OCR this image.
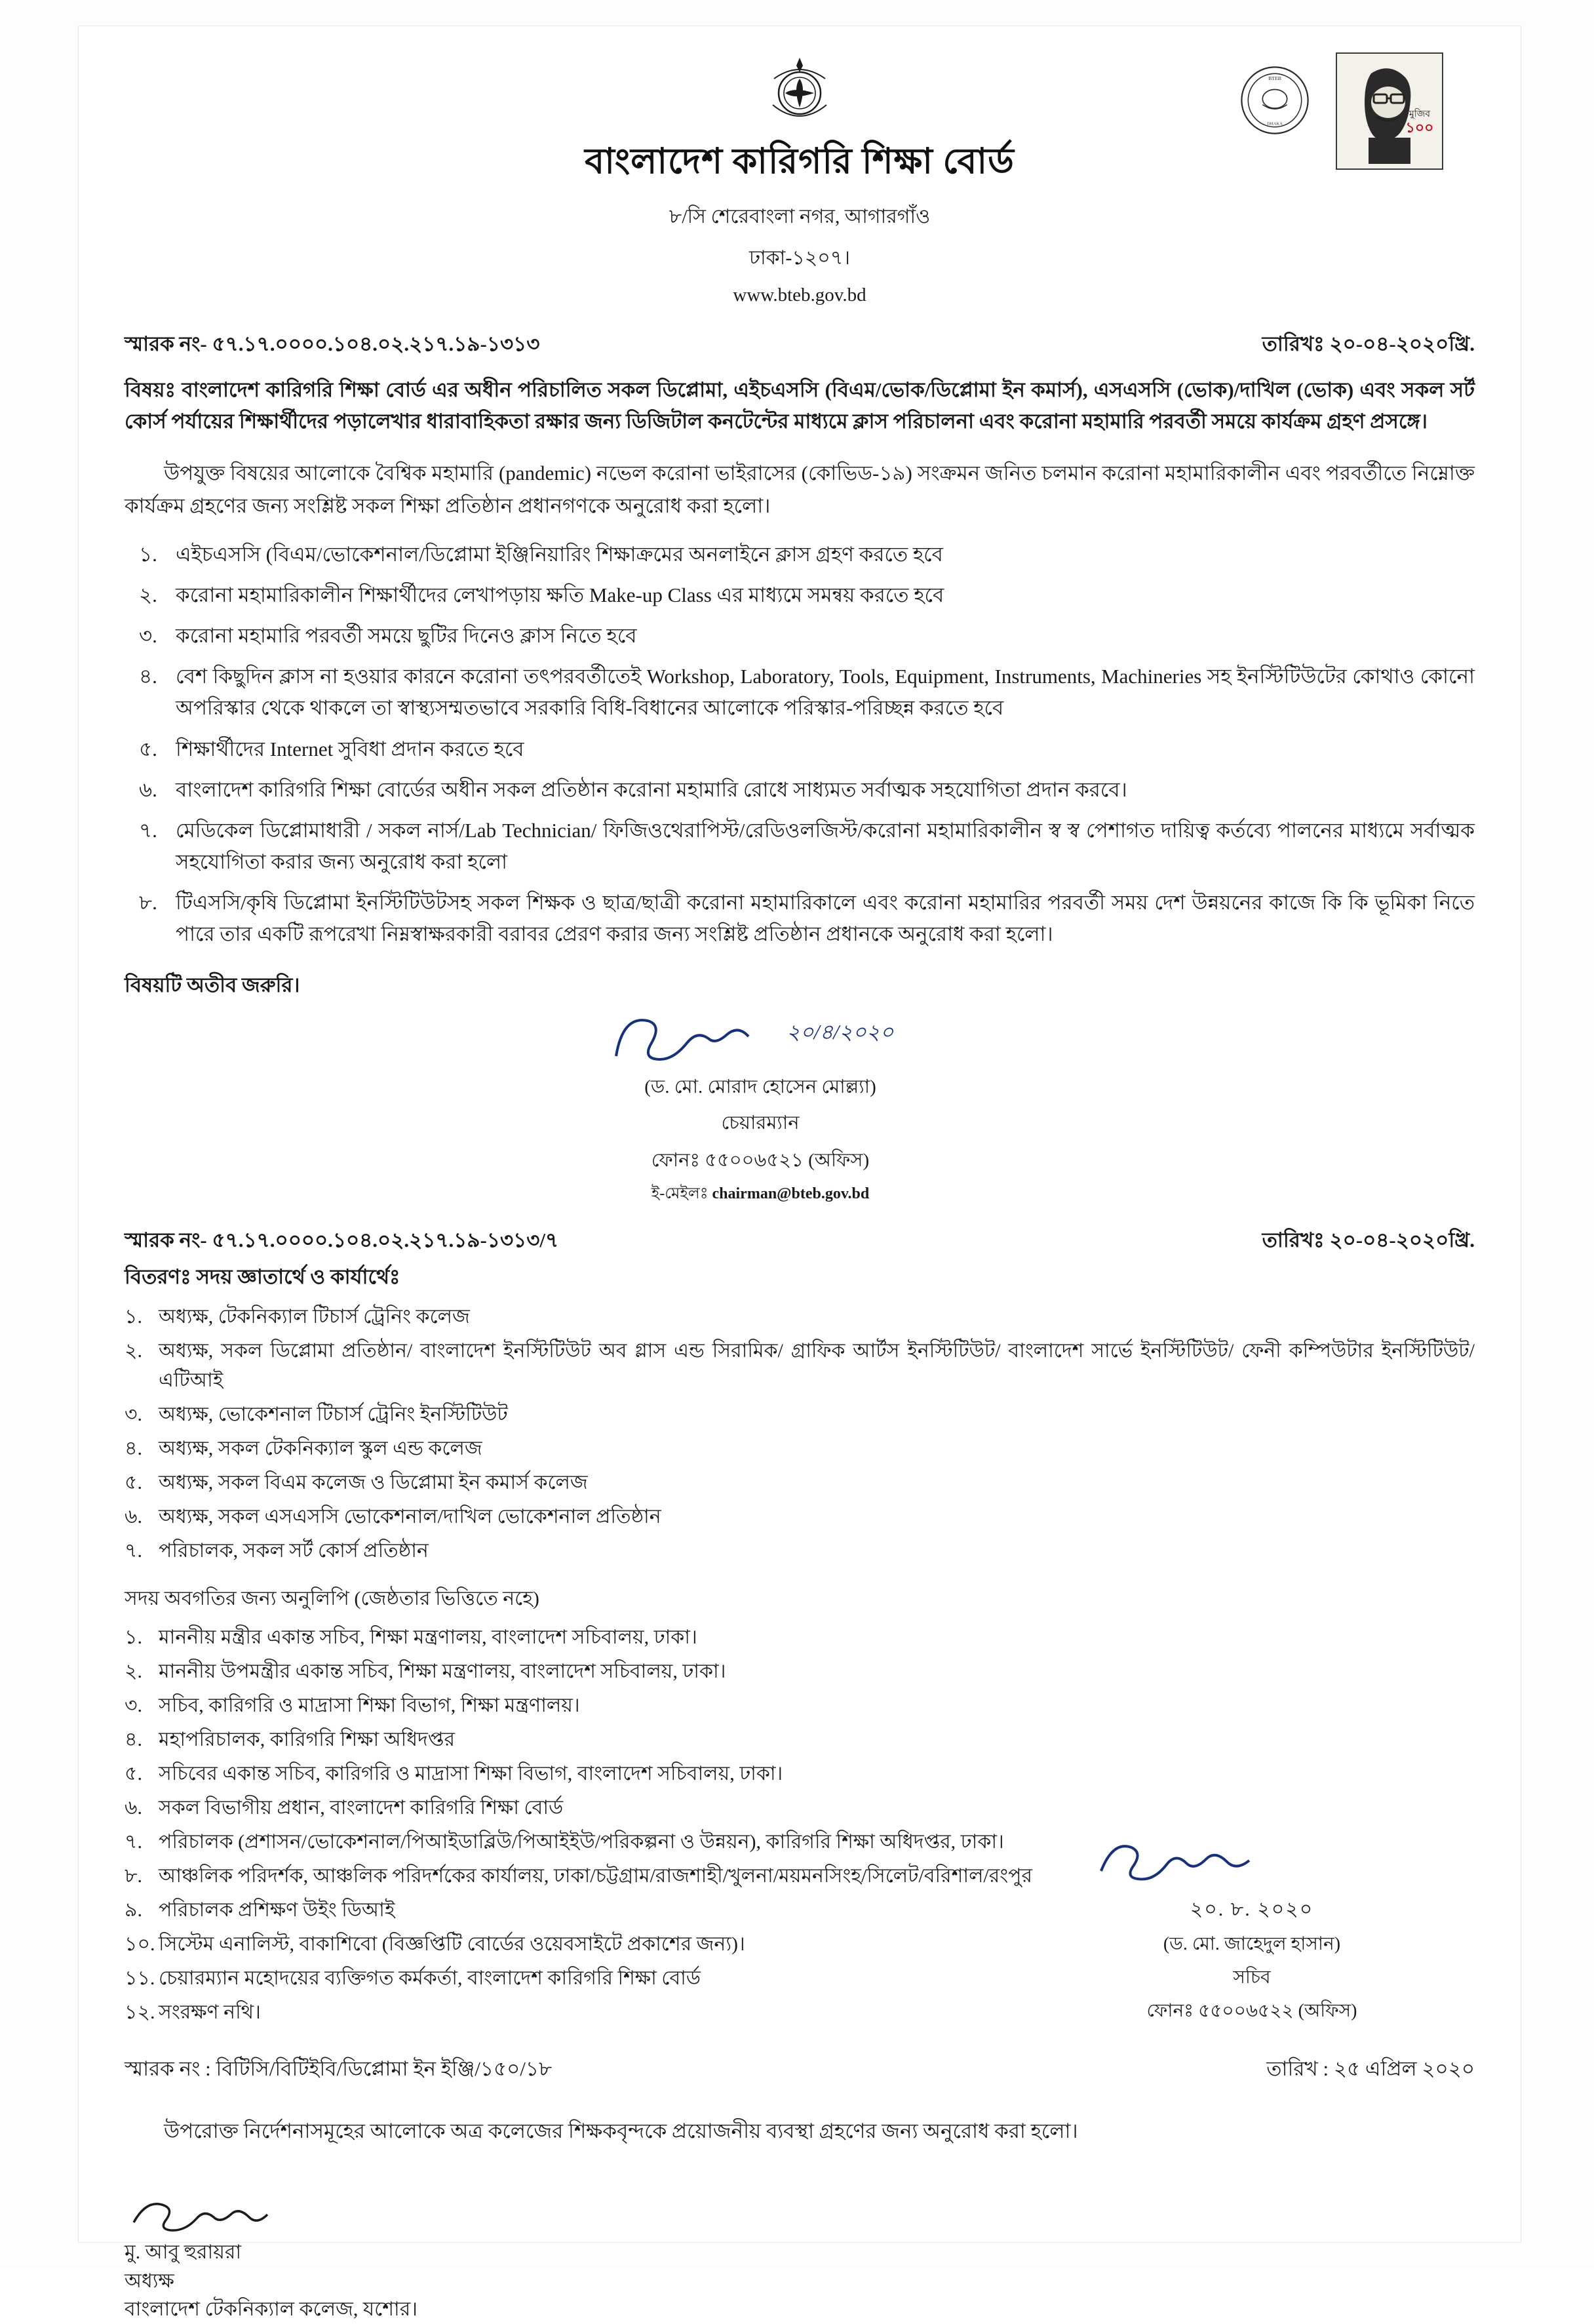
BTEB
DHAKA	১০০
মুজিব
বাংলাদেশ কারিগরি শিক্ষা বোর্ড
৮/সি শেরেবাংলা নগর, আগারগাঁও
ঢাকা-১২০৭।
www.bteb.gov.bd
স্মারক নং- ৫৭.১৭.০০০০.১০৪.০২.২১৭.১৯-১৩১৩	তারিখঃ ২০-০৪-২০২০খ্রি.
বিষয়ঃ বাংলাদেশ কারিগরি শিক্ষা বোর্ড এর অধীন পরিচালিত সকল ডিপ্লোমা, এইচএসসি (বিএম/ভোক/ডিপ্লোমা ইন কমার্স), এসএসসি (ভোক)/দাখিল (ভোক) এবং সকল সর্ট কোর্স পর্যায়ের শিক্ষার্থীদের পড়ালেখার ধারাবাহিকতা রক্ষার জন্য ডিজিটাল কনটেন্টের মাধ্যমে ক্লাস পরিচালনা এবং করোনা মহামারি পরবর্তী সময়ে কার্যক্রম গ্রহণ প্রসঙ্গে।
উপযুক্ত বিষয়ের আলোকে বৈশ্বিক মহামারি (pandemic) নভেল করোনা ভাইরাসের (কোভিড-১৯) সংক্রমন জনিত চলমান করোনা মহামারিকালীন এবং পরবর্তীতে নিম্নোক্ত কার্যক্রম গ্রহণের জন্য সংশ্লিষ্ট সকল শিক্ষা প্রতিষ্ঠান প্রধানগণকে অনুরোধ করা হলো।
১. এইচএসসি (বিএম/ভোকেশনাল/ডিপ্লোমা ইঞ্জিনিয়ারিং শিক্ষাক্রমের অনলাইনে ক্লাস গ্রহণ করতে হবে
২. করোনা মহামারিকালীন শিক্ষার্থীদের লেখাপড়ায় ক্ষতি Make-up Class এর মাধ্যমে সমন্বয় করতে হবে
৩. করোনা মহামারি পরবর্তী সময়ে ছুটির দিনেও ক্লাস নিতে হবে
৪. বেশ কিছুদিন ক্লাস না হওয়ার কারনে করোনা তৎপরবর্তীতেই Workshop, Laboratory, Tools, Equipment, Instruments, Machineries সহ ইনস্টিটিউটের কোথাও কোনো অপরিস্কার থেকে থাকলে তা স্বাস্থ্যসম্মতভাবে সরকারি বিধি-বিধানের আলোকে পরিস্কার-পরিচ্ছন্ন করতে হবে
৫. শিক্ষার্থীদের Internet সুবিধা প্রদান করতে হবে
৬. বাংলাদেশ কারিগরি শিক্ষা বোর্ডের অধীন সকল প্রতিষ্ঠান করোনা মহামারি রোধে সাধ্যমত সর্বাত্মক সহযোগিতা প্রদান করবে।
৭. মেডিকেল ডিপ্লোমাধারী / সকল নার্স/Lab Technician/ ফিজিওথেরাপিস্ট/রেডিওলজিস্ট/করোনা মহামারিকালীন স্ব স্ব পেশাগত দায়িত্ব কর্তব্যে পালনের মাধ্যমে সর্বাত্মক সহযোগিতা করার জন্য অনুরোধ করা হলো
৮. টিএসসি/কৃষি ডিপ্লোমা ইনস্টিটিউটসহ সকল শিক্ষক ও ছাত্র/ছাত্রী করোনা মহামারিকালে এবং করোনা মহামারির পরবর্তী সময় দেশ উন্নয়নের কাজে কি কি ভূমিকা নিতে পারে তার একটি রূপরেখা নিম্নস্বাক্ষরকারী বরাবর প্রেরণ করার জন্য সংশ্লিষ্ট প্রতিষ্ঠান প্রধানকে অনুরোধ করা হলো।
বিষয়টি অতীব জরুরি।
২০/৪/২০২০
(ড. মো. মোরাদ হোসেন মোল্ল্যা)
চেয়ারম্যান
ফোনঃ ৫৫০০৬৫২১ (অফিস)
ই-মেইলঃ chairman@bteb.gov.bd
স্মারক নং- ৫৭.১৭.০০০০.১০৪.০২.২১৭.১৯-১৩১৩/৭	তারিখঃ ২০-০৪-২০২০খ্রি.
বিতরণঃ সদয় জ্ঞাতার্থে ও কার্যার্থেঃ
১. অধ্যক্ষ, টেকনিক্যাল টিচার্স ট্রেনিং কলেজ
২. অধ্যক্ষ, সকল ডিপ্লোমা প্রতিষ্ঠান/ বাংলাদেশ ইনস্টিটিউট অব গ্লাস এন্ড সিরামিক/ গ্রাফিক আর্টস ইনস্টিটিউট/ বাংলাদেশ সার্ভে ইনস্টিটিউট/ ফেনী কম্পিউটার ইনস্টিটিউট/ এটিআই
৩. অধ্যক্ষ, ভোকেশনাল টিচার্স ট্রেনিং ইনস্টিটিউট
৪. অধ্যক্ষ, সকল টেকনিক্যাল স্কুল এন্ড কলেজ
৫. অধ্যক্ষ, সকল বিএম কলেজ ও ডিপ্লোমা ইন কমার্স কলেজ
৬. অধ্যক্ষ, সকল এসএসসি ভোকেশনাল/দাখিল ভোকেশনাল প্রতিষ্ঠান
৭. পরিচালক, সকল সর্ট কোর্স প্রতিষ্ঠান
সদয় অবগতির জন্য অনুলিপি (জেষ্ঠতার ভিত্তিতে নহে)
১. মাননীয় মন্ত্রীর একান্ত সচিব, শিক্ষা মন্ত্রণালয়, বাংলাদেশ সচিবালয়, ঢাকা।
২. মাননীয় উপমন্ত্রীর একান্ত সচিব, শিক্ষা মন্ত্রণালয়, বাংলাদেশ সচিবালয়, ঢাকা।
৩. সচিব, কারিগরি ও মাদ্রাসা শিক্ষা বিভাগ, শিক্ষা মন্ত্রণালয়।
৪. মহাপরিচালক, কারিগরি শিক্ষা অধিদপ্তর
৫. সচিবের একান্ত সচিব, কারিগরি ও মাদ্রাসা শিক্ষা বিভাগ, বাংলাদেশ সচিবালয়, ঢাকা।
৬. সকল বিভাগীয় প্রধান, বাংলাদেশ কারিগরি শিক্ষা বোর্ড
৭. পরিচালক (প্রশাসন/ভোকেশনাল/পিআইডাব্লিউ/পিআইইউ/পরিকল্পনা ও উন্নয়ন), কারিগরি শিক্ষা অধিদপ্তর, ঢাকা।
৮. আঞ্চলিক পরিদর্শক, আঞ্চলিক পরিদর্শকের কার্যালয়, ঢাকা/চট্টগ্রাম/রাজশাহী/খুলনা/ময়মনসিংহ/সিলেট/বরিশাল/রংপুর
৯. পরিচালক প্রশিক্ষণ উইং ডিআই
১০. সিস্টেম এনালিস্ট, বাকাশিবো (বিজ্ঞপ্তিটি বোর্ডের ওয়েবসাইটে প্রকাশের জন্য)।
১১. চেয়ারম্যান মহোদয়ের ব্যক্তিগত কর্মকর্তা, বাংলাদেশ কারিগরি শিক্ষা বোর্ড
১২. সংরক্ষণ নথি।
২০. ৮. ২০২০
(ড. মো. জাহেদুল হাসান)
সচিব
ফোনঃ ৫৫০০৬৫২২ (অফিস)
স্মারক নং : বিটিসি/বিটিইবি/ডিপ্লোমা ইন ইঞ্জি/১৫০/১৮	তারিখ : ২৫ এপ্রিল ২০২০
উপরোক্ত নির্দেশনাসমূহের আলোকে অত্র কলেজের শিক্ষকবৃন্দকে প্রয়োজনীয় ব্যবস্থা গ্রহণের জন্য অনুরোধ করা হলো।
মু. আবু হুরায়রা
অধ্যক্ষ
বাংলাদেশ টেকনিক্যাল কলেজ, যশোর।
